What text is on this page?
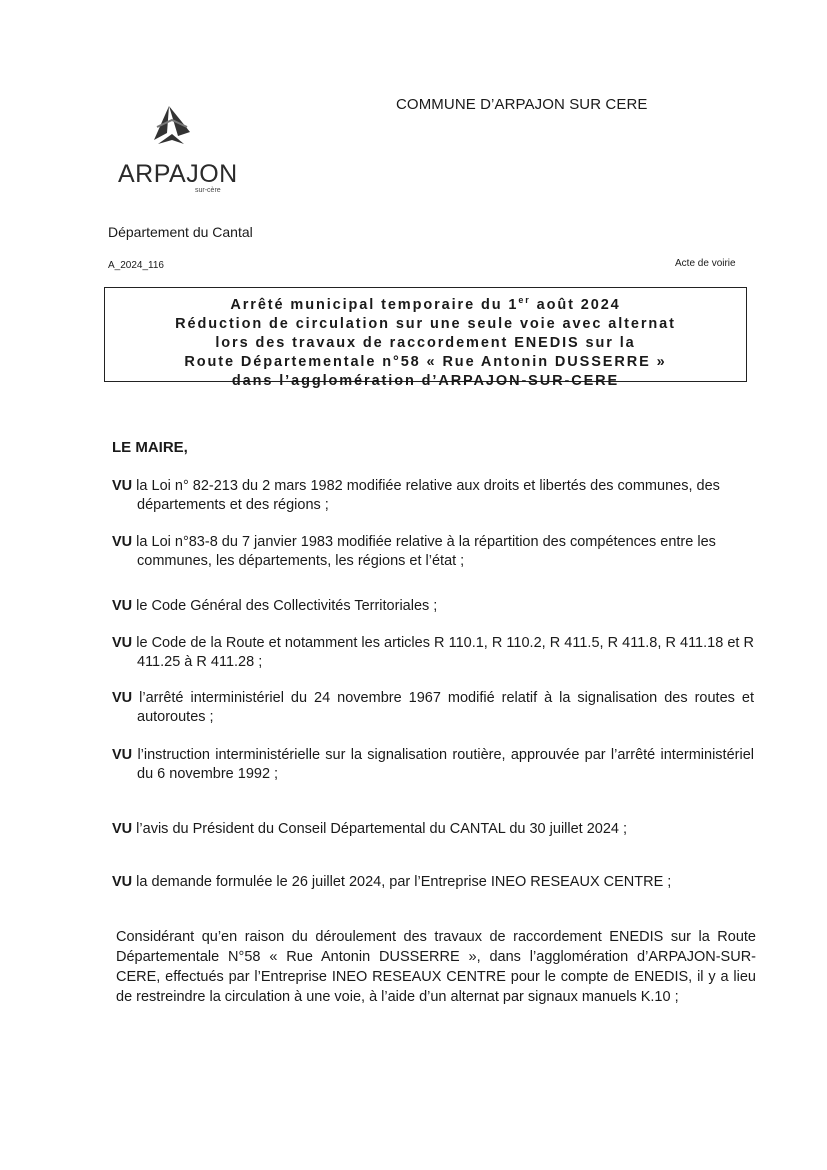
COMMUNE D’ARPAJON SUR CERE
ARPAJON
sur-cère
Département du Cantal
A_2024_116	Acte de voirie
Arrêté municipal temporaire du 1er août 2024
Réduction de circulation sur une seule voie avec alternat
lors des travaux de raccordement ENEDIS sur la
Route Départementale n°58 « Rue Antonin DUSSERRE »
dans l’agglomération d’ARPAJON-SUR-CERE
LE MAIRE,
VU la Loi n° 82-213 du 2 mars 1982 modifiée relative aux droits et libertés des communes, des départements et des régions ;
VU la Loi n°83-8 du 7 janvier 1983 modifiée relative à la répartition des compétences entre les communes, les départements, les régions et l’état ;
VU le Code Général des Collectivités Territoriales ;
VU le Code de la Route et notamment les articles R 110.1, R 110.2, R 411.5, R 411.8, R 411.18 et R 411.25 à R 411.28 ;
VU l’arrêté interministériel du 24 novembre 1967 modifié relatif à la signalisation des routes et autoroutes ;
VU l’instruction interministérielle sur la signalisation routière, approuvée par l’arrêté interministériel du 6 novembre 1992 ;
VU l’avis du Président du Conseil Départemental du CANTAL du 30 juillet 2024 ;
VU la demande formulée le 26 juillet 2024, par l’Entreprise INEO RESEAUX CENTRE ;
Considérant qu’en raison du déroulement des travaux de raccordement ENEDIS sur la Route Départementale N°58 « Rue Antonin DUSSERRE », dans l’agglomération d’ARPAJON-SUR-CERE, effectués par l’Entreprise INEO RESEAUX CENTRE pour le compte de ENEDIS, il y a lieu de restreindre la circulation à une voie, à l’aide d’un alternat par signaux manuels K.10 ;
